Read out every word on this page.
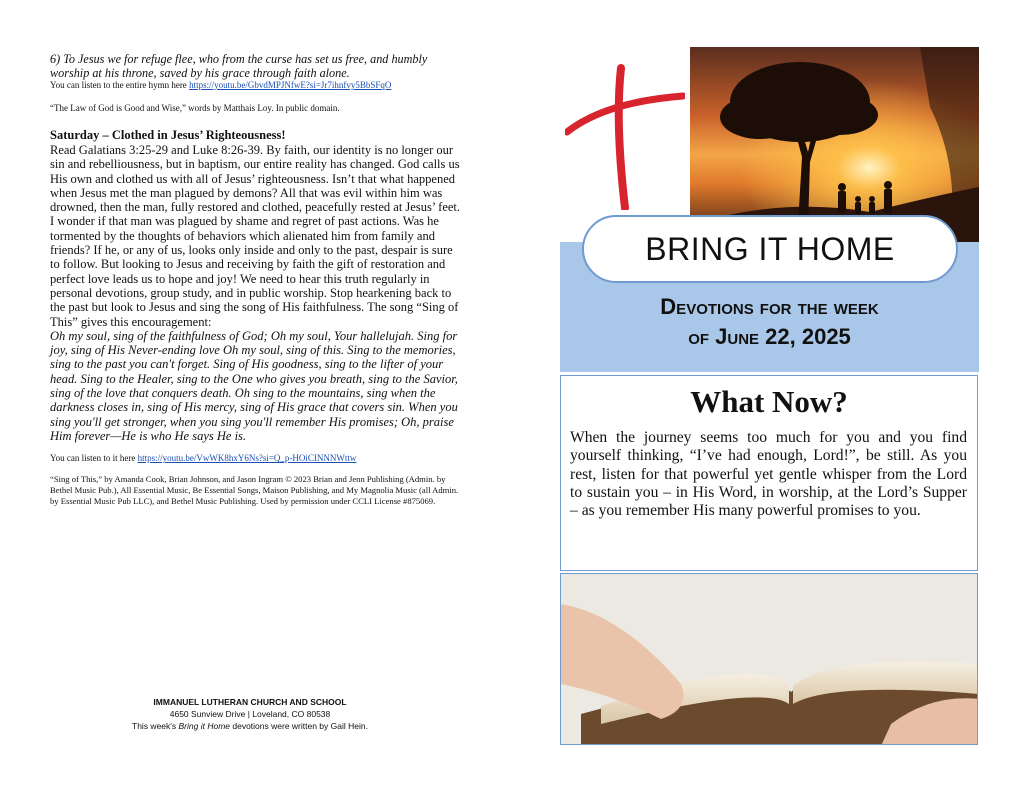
6) To Jesus we for refuge flee, who from the curse has set us free, and humbly worship at his throne, saved by his grace through faith alone.

You can listen to the entire hymn here https://youtu.be/GbvdMPJNfwE?si=Jr7ihnfvy5BbSFqO

“The Law of God is Good and Wise,” words by Matthais Loy. In public domain.

Saturday – Clothed in Jesus’ Righteousness!

Read Galatians 3:25-29 and Luke 8:26-39. By faith, our identity is no longer our sin and rebelliousness, but in baptism, our entire reality has changed. God calls us His own and clothed us with all of Jesus’ righteousness. Isn’t that what happened when Jesus met the man plagued by demons? All that was evil within him was drowned, then the man, fully restored and clothed, peacefully rested at Jesus’ feet. I wonder if that man was plagued by shame and regret of past actions. Was he tormented by the thoughts of behaviors which alienated him from family and friends? If he, or any of us, looks only inside and only to the past, despair is sure to follow. But looking to Jesus and receiving by faith the gift of restoration and perfect love leads us to hope and joy! We need to hear this truth regularly in personal devotions, group study, and in public worship. Stop hearkening back to the past but look to Jesus and sing the song of His faithfulness. The song “Sing of This” gives this encouragement:

Oh my soul, sing of the faithfulness of God; Oh my soul, Your hallelujah. Sing for joy, sing of His Never-ending love Oh my soul, sing of this. Sing to the memories, sing to the past you can't forget. Sing of His goodness, sing to the lifter of your head. Sing to the Healer, sing to the One who gives you breath, sing to the Savior, sing of the love that conquers death. Oh sing to the mountains, sing when the darkness closes in, sing of His mercy, sing of His grace that covers sin. When you sing you'll get stronger, when you sing you'll remember His promises; Oh, praise Him forever—He is who He says He is.

You can listen to it here https://youtu.be/VwWK8hxY6Ns?si=Q_p-HOiCINNNWttw

“Sing of This,” by Amanda Cook, Brian Johnson, and Jason Ingram © 2023 Brian and Jenn Publishing (Admin. by Bethel Music Pub.), All Essential Music, Be Essential Songs, Maison Publishing, and My Magnolia Music (all Admin. by Essential Music Pub LLC), and Bethel Music Publishing. Used by permission under CCLI License #875069.

IMMANUEL LUTHERAN CHURCH AND SCHOOL
4650 Sunview Drive | Loveland, CO 80538
This week's Bring it Home devotions were written by Gail Hein.
BRING IT HOME
Devotions for the week
of June 22, 2025
What Now?

When the journey seems too much for you and you find yourself thinking, “I’ve had enough, Lord!”, be still. As you rest, listen for that powerful yet gentle whisper from the Lord to sustain you – in His Word, in worship, at the Lord’s Supper – as you remember His many powerful promises to you.
